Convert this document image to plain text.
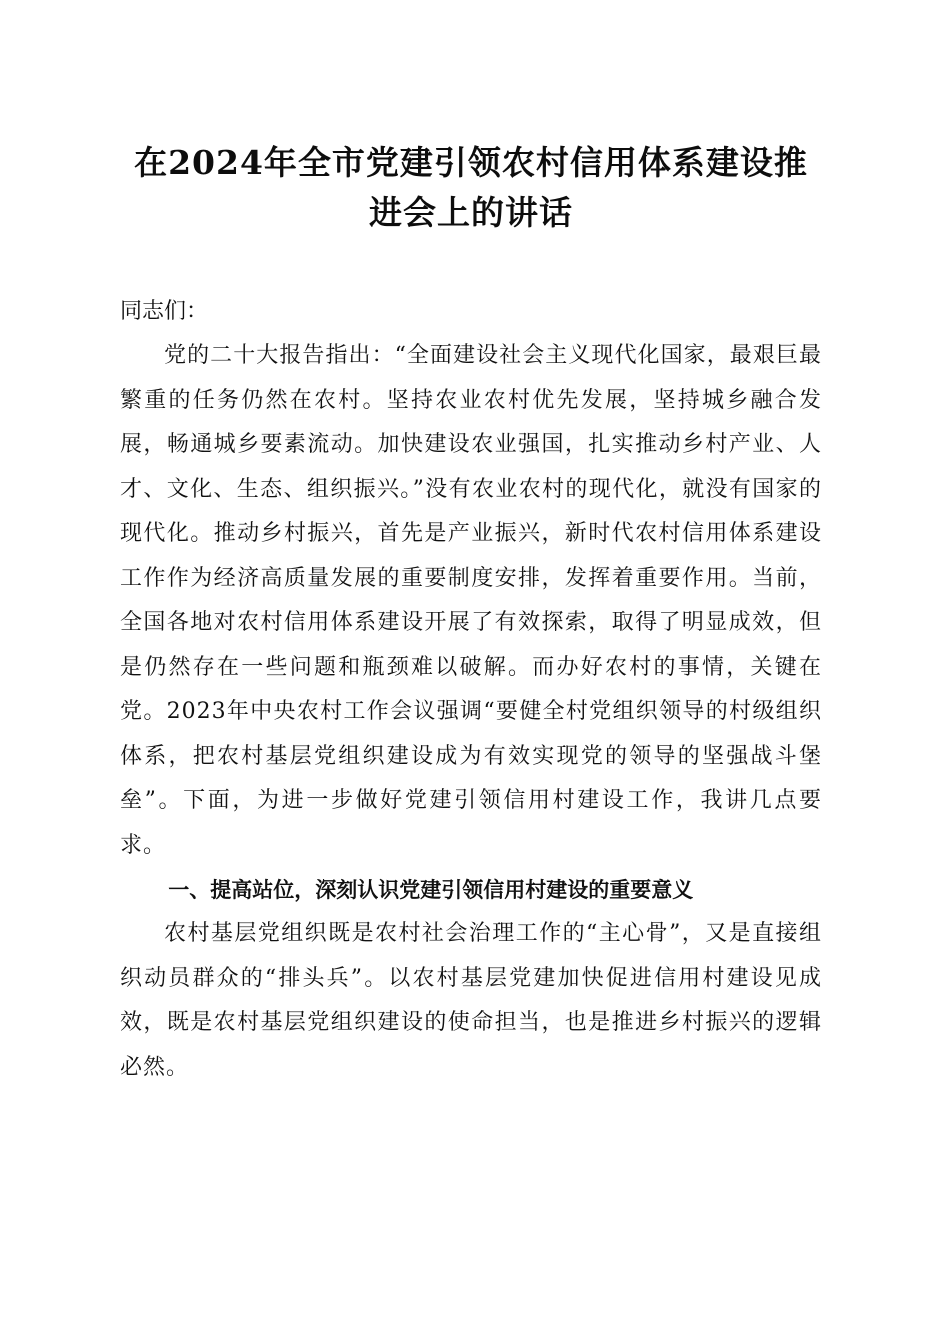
在2024年全市党建引领农村信用体系建设推进会上的讲话

同志们：

党的二十大报告指出：“全面建设社会主义现代化国家，最艰巨最繁重的任务仍然在农村。坚持农业农村优先发展，坚持城乡融合发展，畅通城乡要素流动。加快建设农业强国，扎实推动乡村产业、人才、文化、生态、组织振兴。”没有农业农村的现代化，就没有国家的现代化。推动乡村振兴，首先是产业振兴，新时代农村信用体系建设工作作为经济高质量发展的重要制度安排，发挥着重要作用。当前，全国各地对农村信用体系建设开展了有效探索，取得了明显成效，但是仍然存在一些问题和瓶颈难以破解。而办好农村的事情，关键在党。2023年中央农村工作会议强调“要健全村党组织领导的村级组织体系，把农村基层党组织建设成为有效实现党的领导的坚强战斗堡垒”。下面，为进一步做好党建引领信用村建设工作，我讲几点要求。

一、提高站位，深刻认识党建引领信用村建设的重要意义

农村基层党组织既是农村社会治理工作的“主心骨”，又是直接组织动员群众的“排头兵”。以农村基层党建加快促进信用村建设见成效，既是农村基层党组织建设的使命担当，也是推进乡村振兴的逻辑必然。
